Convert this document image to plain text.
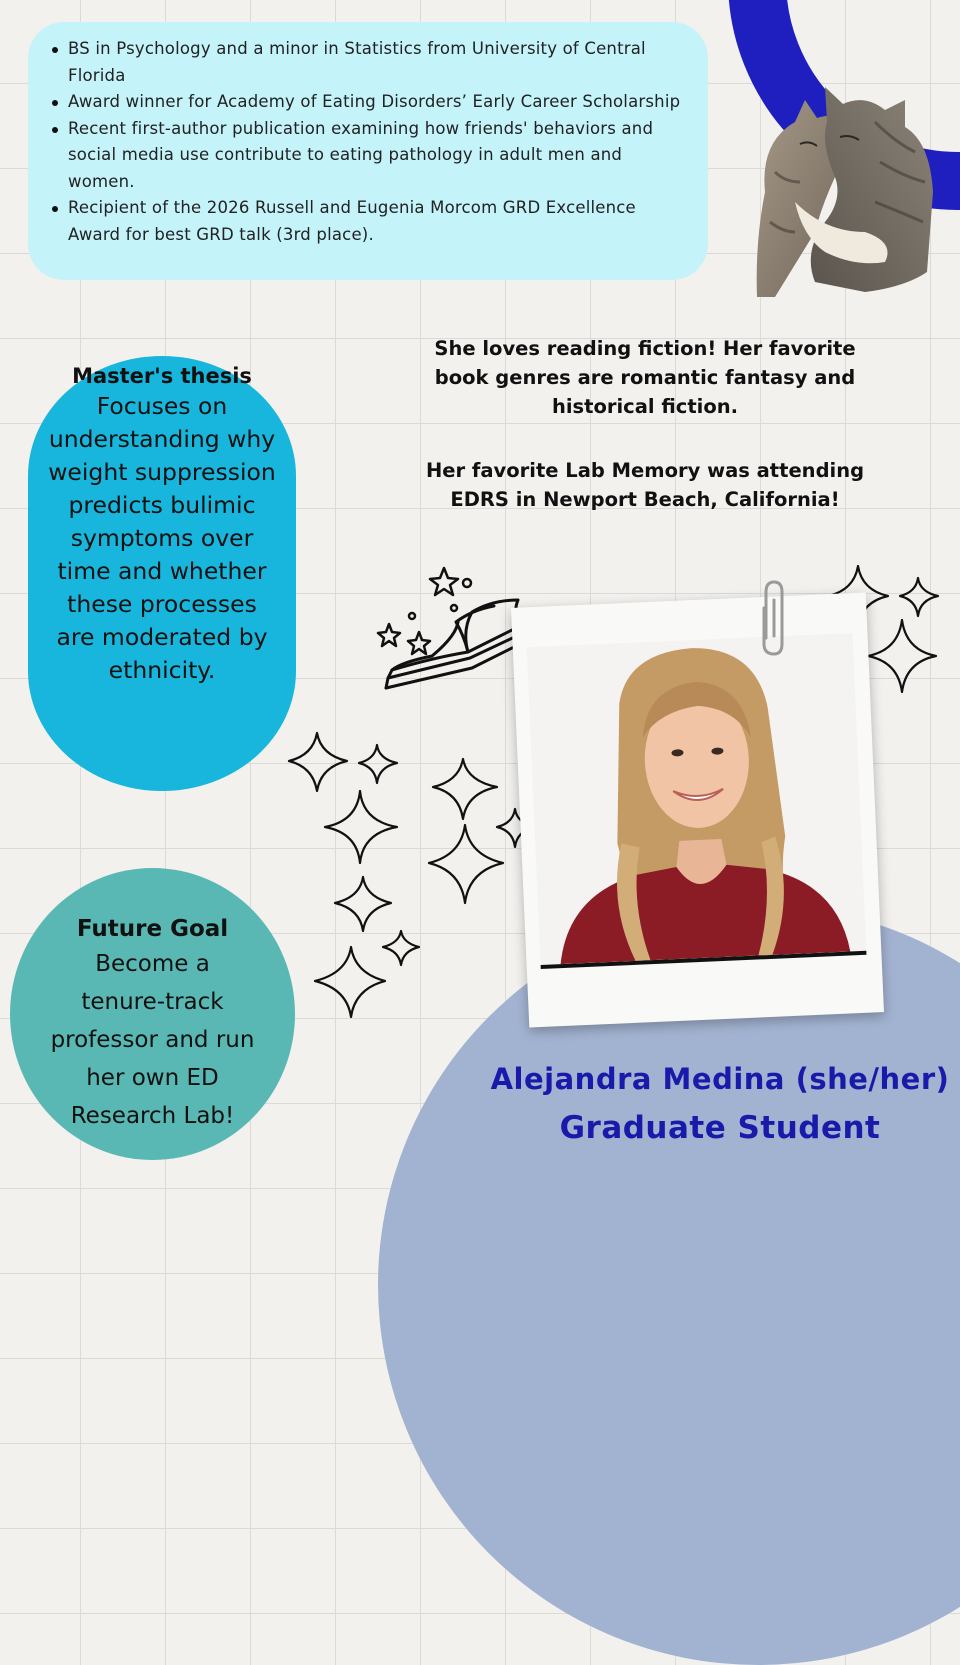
BS in Psychology and a minor in Statistics from University of Central Florida
Award winner for Academy of Eating Disorders’ Early Career Scholarship
Recent first-author publication examining how friends' behaviors and social media use contribute to eating pathology in adult men and women.
Recipient of the 2026 Russell and Eugenia Morcom GRD Excellence Award for best GRD talk (3rd place).
Master's thesis
Focuses on understanding why weight suppression predicts bulimic symptoms over time and whether these processes are moderated by ethnicity.
She loves reading fiction! Her favorite book genres are romantic fantasy and historical fiction.
Her favorite Lab Memory was attending EDRS in Newport Beach, California!
Future Goal
Become a tenure-track professor and run her own ED Research Lab!
Alejandra Medina (she/her)
Graduate Student
